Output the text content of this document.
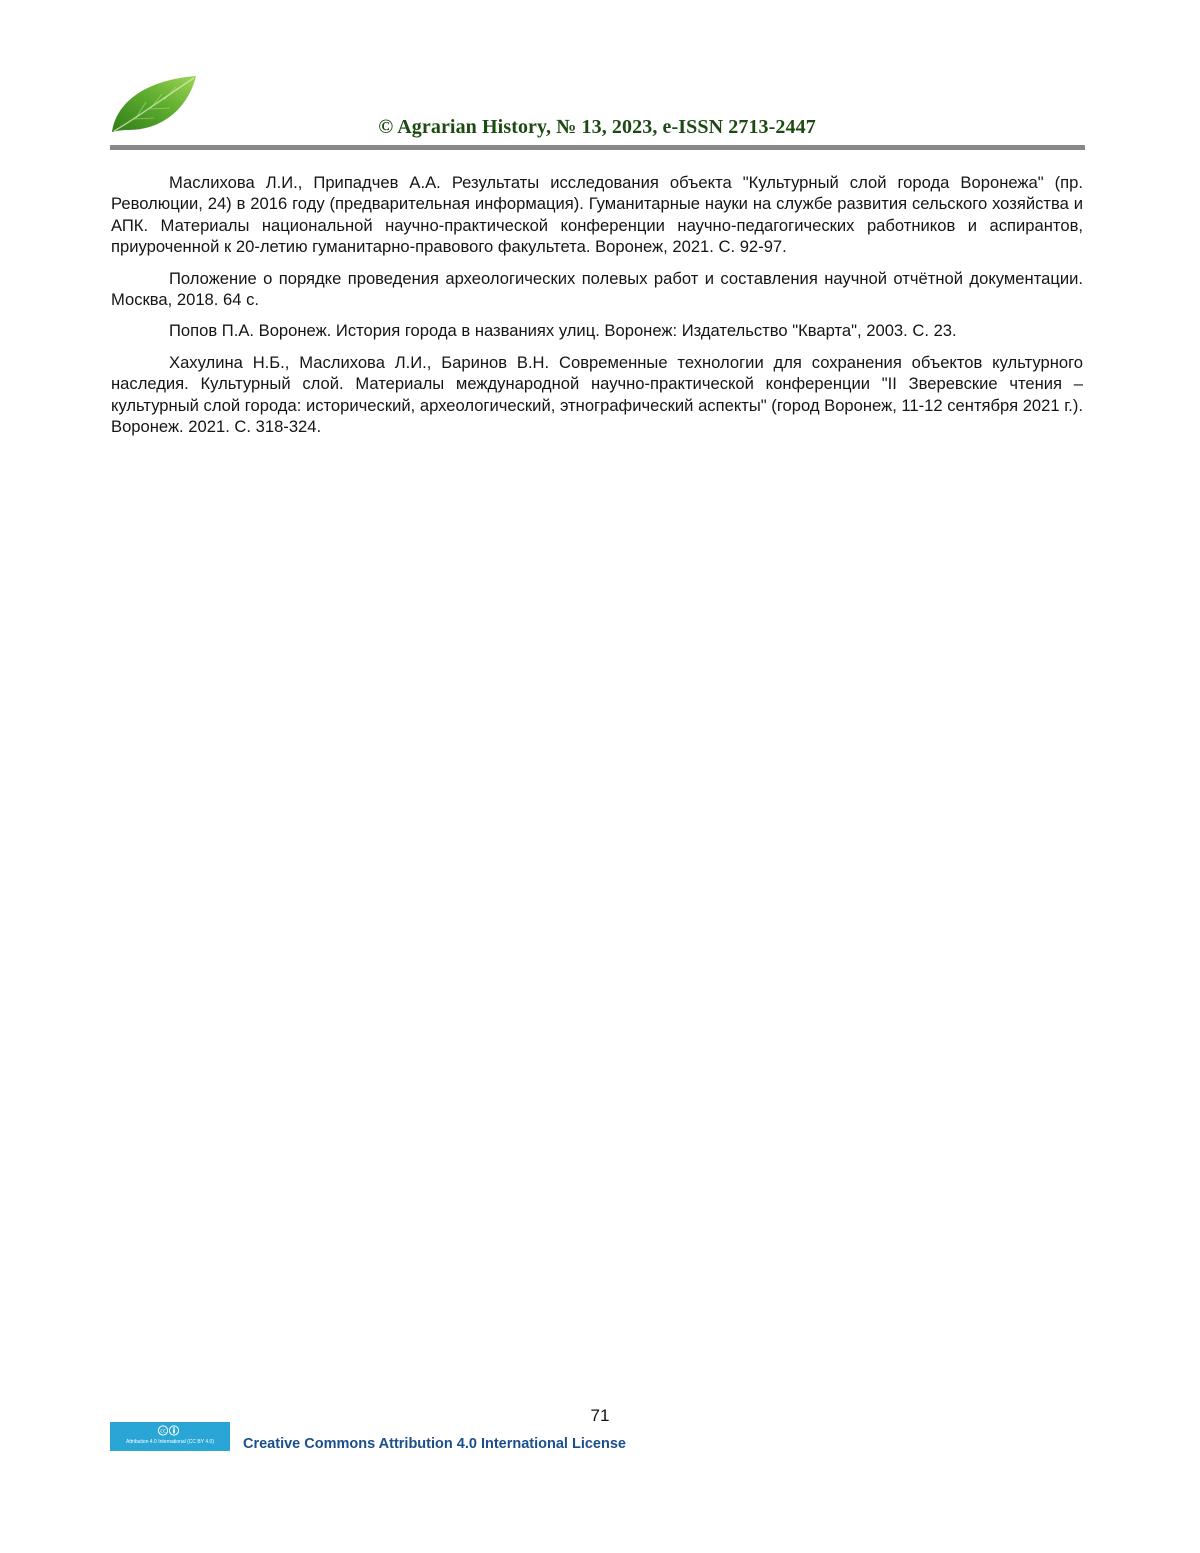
© Agrarian History, № 13, 2023, e-ISSN 2713-2447

Маслихова Л.И., Припадчев А.А. Результаты исследования объекта "Культурный слой города Воронежа" (пр. Революции, 24) в 2016 году (предварительная информация). Гуманитарные науки на службе развития сельского хозяйства и АПК. Материалы национальной научно-практической конференции научно-педагогических работников и аспирантов, приуроченной к 20-летию гуманитарно-правового факультета. Воронеж, 2021. С. 92-97.

Положение о порядке проведения археологических полевых работ и составления научной отчётной документации. Москва, 2018. 64 с.

Попов П.А. Воронеж. История города в названиях улиц. Воронеж: Издательство "Кварта", 2003. С. 23.

Хахулина Н.Б., Маслихова Л.И., Баринов В.Н. Современные технологии для сохранения объектов культурного наследия. Культурный слой. Материалы международной научно-практической конференции "II Зверевские чтения – культурный слой города: исторический, археологический, этнографический аспекты" (город Воронеж, 11-12 сентября 2021 г.). Воронеж. 2021. С. 318-324.

71
cc
Attribution 4.0 International (CC BY 4.0)	Creative Commons Attribution 4.0 International License
